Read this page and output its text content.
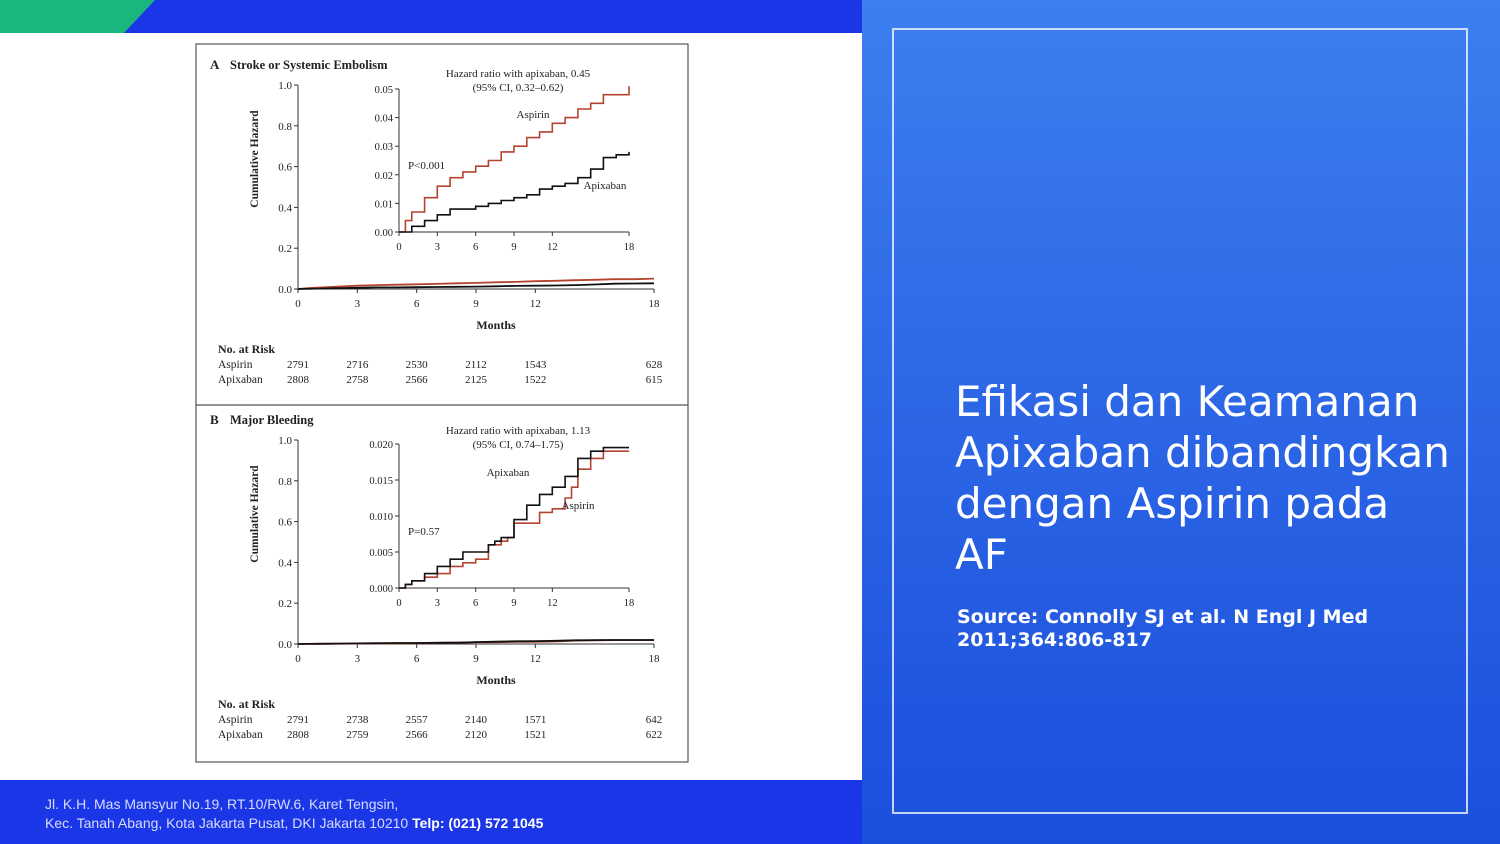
A Stroke or Systemic Embolism
0.0
0.2
0.4
0.6
0.8
1.0
0	3	6	9	12	18
Months
Cumulative Hazard
0.00
0.01
0.02
0.03
0.04
0.05
0	3	6	9	12	18
Aspirin
Apixaban
Hazard ratio with apixaban, 0.45
(95% CI, 0.32–0.62)
P<0.001
No. at Risk
Aspirin	2791	2716	2530	2112	1543	628
Apixaban 2808	2758	2566	2125	1522	615
B Major Bleeding
0.0
0.2
0.4
0.6
0.8
1.0
0	3	6	9	12	18
Months
Cumulative Hazard
0.000
0.005
0.010
0.015
0.020
0	3	6	9	12	18
Aspirin
Apixaban
Hazard ratio with apixaban, 1.13
(95% CI, 0.74–1.75)
P=0.57
No. at Risk
Aspirin	2791	2738	2557	2140	1571	642
Apixaban 2808	2759	2566	2120	1521	622
Jl. K.H. Mas Mansyur No.19, RT.10/RW.6, Karet Tengsin,
Kec. Tanah Abang, Kota Jakarta Pusat, DKI Jakarta 10210 Telp: (021) 572 1045
Efikasi dan Keamanan Apixaban dibandingkan dengan Aspirin pada AF
Source: Connolly SJ et al. N Engl J Med 2011;364:806-817
